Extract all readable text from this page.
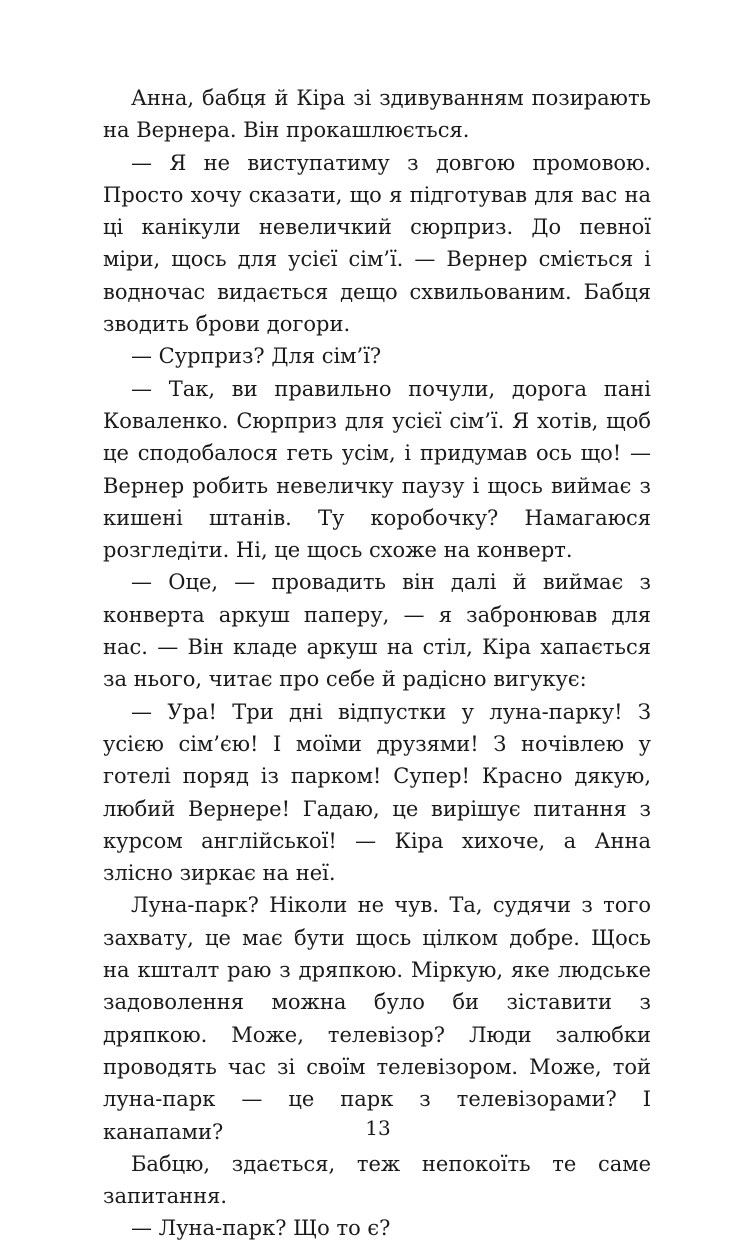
Анна, бабця й Кіра зі здивуванням позирають на Вернера. Він прокашлюється.

— Я не виступатиму з довгою промовою. Просто хочу сказати, що я підготував для вас на ці канікули невеличкий сюрприз. До певної міри, щось для усієї сім’ї. — Вернер сміється і водночас видається дещо схвильованим. Бабця зводить брови догори.

— Сурприз? Для сім’ї?

— Так, ви правильно почули, дорога пані Коваленко. Сюрприз для усієї сім’ї. Я хотів, щоб це сподобалося геть усім, і придумав ось що! — Вернер робить невеличку паузу і щось виймає з кишені штанів. Ту коробочку? Намагаюся розгледіти. Ні, це щось схоже на конверт.

— Оце, — провадить він далі й виймає з конверта аркуш паперу, — я забронював для нас. — Він кладе аркуш на стіл, Кіра хапається за нього, читає про себе й радісно вигукує:

— Ура! Три дні відпустки у луна-парку! З усією сім’єю! І моїми друзями! З ночівлею у готелі поряд із парком! Супер! Красно дякую, любий Вернере! Гадаю, це вирішує питання з курсом англійської! — Кіра хихоче, а Анна злісно зиркає на неї.

Луна-парк? Ніколи не чув. Та, судячи з того захвату, це має бути щось цілком добре. Щось на кшталт раю з дряпкою. Міркую, яке людське задоволення можна було би зіставити з дряпкою. Може, телевізор? Люди залюбки проводять час зі своїм телевізором. Може, той луна-парк — це парк з телевізорами? І канапами?

Бабцю, здається, теж непокоїть те саме запитання.

— Луна-парк? Що то є?

13
